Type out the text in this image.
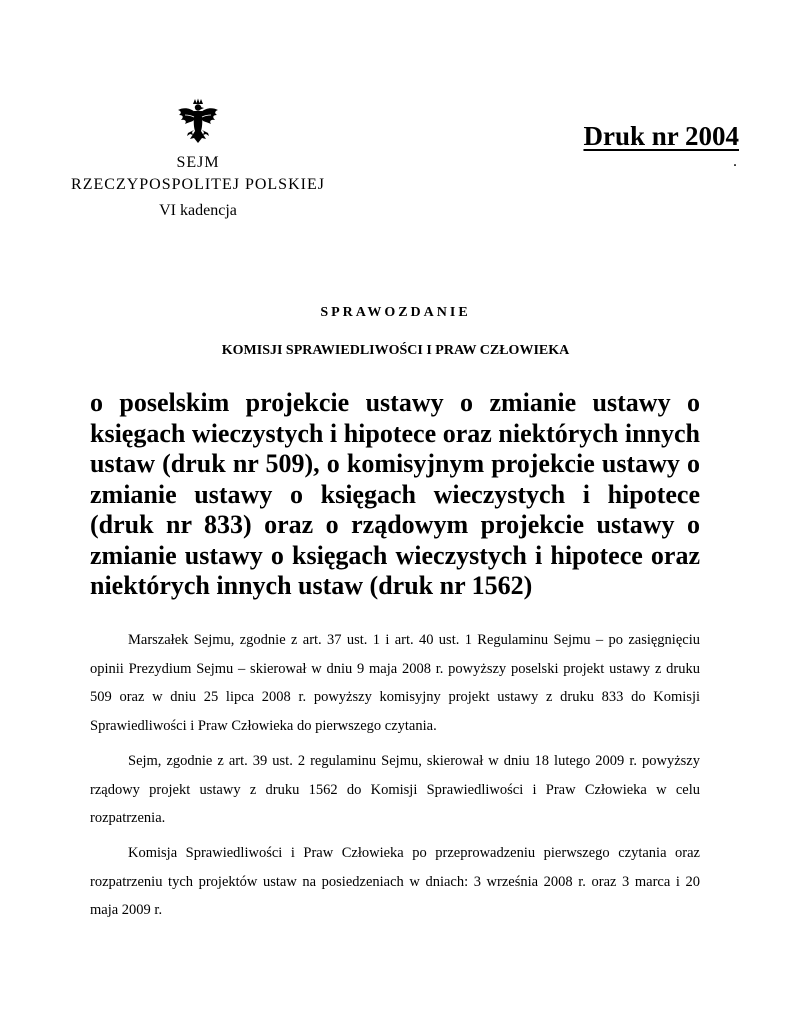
SEJM
RZECZYPOSPOLITEJ POLSKIEJ
VI kadencja
Druk nr 2004
.
SPRAWOZDANIE
KOMISJI SPRAWIEDLIWOŚCI I PRAW CZŁOWIEKA

o poselskim projekcie ustawy o zmianie ustawy o księgach wieczystych i hipotece oraz niektórych innych ustaw (druk nr 509), o komisyjnym projekcie ustawy o zmianie ustawy o księgach wieczystych i hipotece (druk nr 833) oraz o rządowym projekcie ustawy o zmianie ustawy o księgach wieczystych i hipotece oraz niektórych innych ustaw (druk nr 1562)

Marszałek Sejmu, zgodnie z art. 37 ust. 1 i art. 40 ust. 1 Regulaminu Sejmu – po zasięgnięciu opinii Prezydium Sejmu – skierował w dniu 9 maja 2008 r. powyższy poselski projekt ustawy z druku 509 oraz w dniu 25 lipca 2008 r. powyższy komisyjny projekt ustawy z druku 833 do Komisji Sprawiedliwości i Praw Człowieka do pierwszego czytania.

Sejm, zgodnie z art. 39 ust. 2 regulaminu Sejmu, skierował w dniu 18 lutego 2009 r. powyższy rządowy projekt ustawy z druku 1562 do Komisji Sprawiedliwości i Praw Człowieka w celu rozpatrzenia.

Komisja Sprawiedliwości i Praw Człowieka po przeprowadzeniu pierwszego czytania oraz rozpatrzeniu tych projektów ustaw na posiedzeniach w dniach: 3 września 2008 r. oraz 3 marca i 20 maja 2009 r.
